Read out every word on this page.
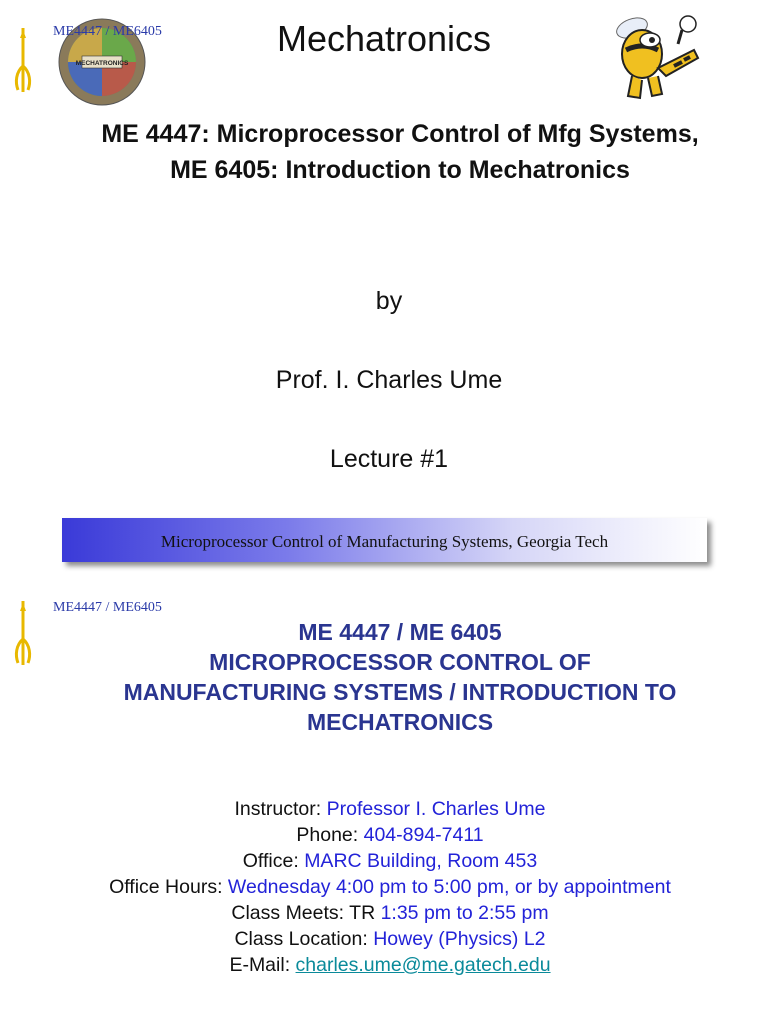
MECHATRONICS
ME4447 / ME6405	Mechatronics
ME 4447: Microprocessor Control of Mfg Systems,
ME 6405: Introduction to Mechatronics
by
Prof. I. Charles Ume
Lecture #1
Microprocessor Control of Manufacturing Systems, Georgia Tech
ME4447 / ME6405
ME 4447 / ME 6405
MICROPROCESSOR CONTROL OF
MANUFACTURING SYSTEMS / INTRODUCTION TO
MECHATRONICS
Instructor: Professor I. Charles Ume
Phone: 404-894-7411
Office: MARC Building, Room 453
Office Hours: Wednesday 4:00 pm to 5:00 pm, or by appointment
Class Meets: TR 1:35 pm to 2:55 pm
Class Location: Howey (Physics) L2
E-Mail: charles.ume@me.gatech.edu
